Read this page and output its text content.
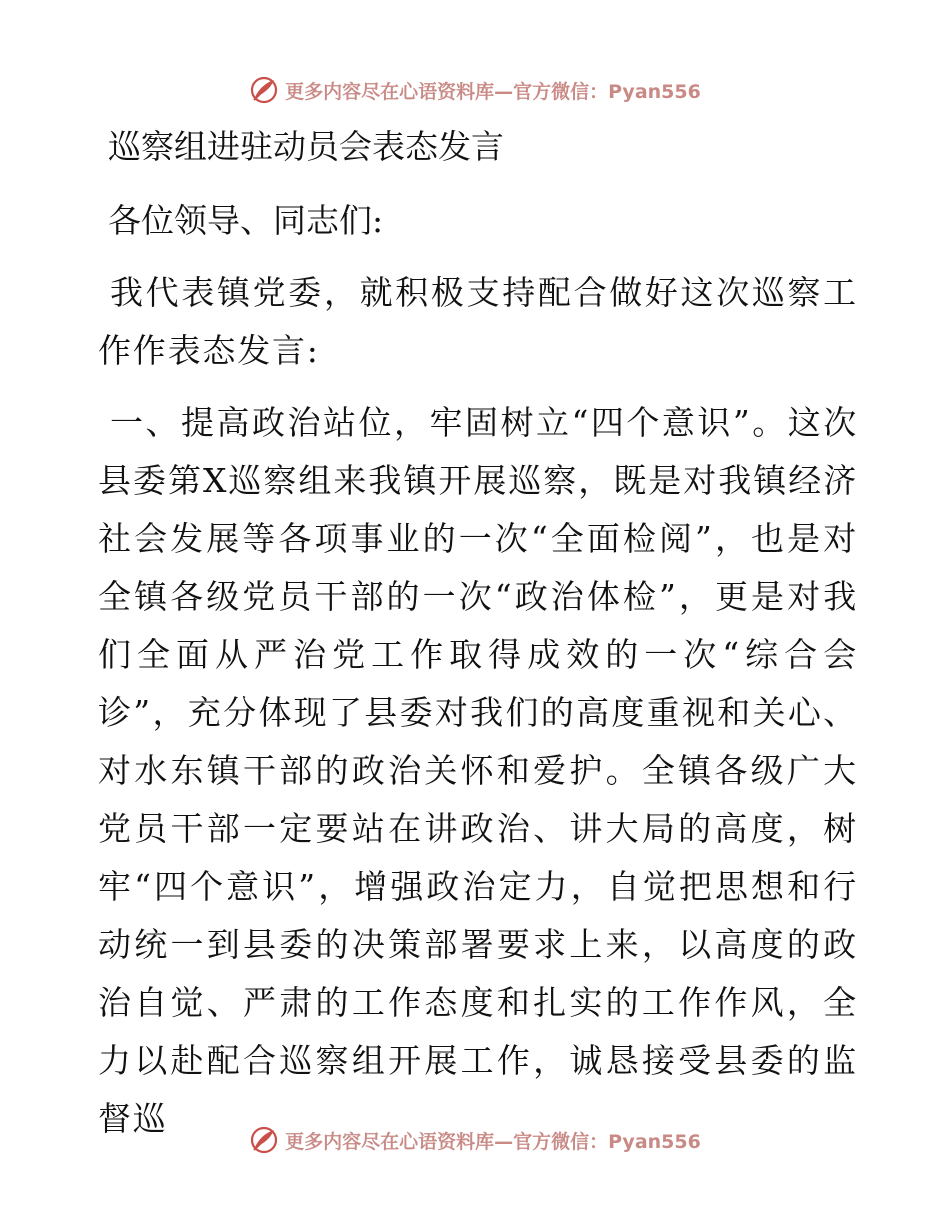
更多内容尽在心语资料库—官方微信：Pyan556
巡察组进驻动员会表态发言
各位领导、同志们:
我代表镇党委，就积极支持配合做好这次巡察工作作表态发言:
一、提高政治站位，牢固树立“四个意识”。这次县委第X巡察组来我镇开展巡察，既是对我镇经济社会发展等各项事业的一次“全面检阅”，也是对全镇各级党员干部的一次“政治体检”，更是对我们全面从严治党工作取得成效的一次“综合会诊”，充分体现了县委对我们的高度重视和关心、对水东镇干部的政治关怀和爱护。全镇各级广大党员干部一定要站在讲政治、讲大局的高度，树牢“四个意识”，增强政治定力，自觉把思想和行动统一到县委的决策部署要求上来，以高度的政治自觉、严肃的工作态度和扎实的工作作风，全力以赴配合巡察组开展工作，诚恳接受县委的监督巡
更多内容尽在心语资料库—官方微信：Pyan556
